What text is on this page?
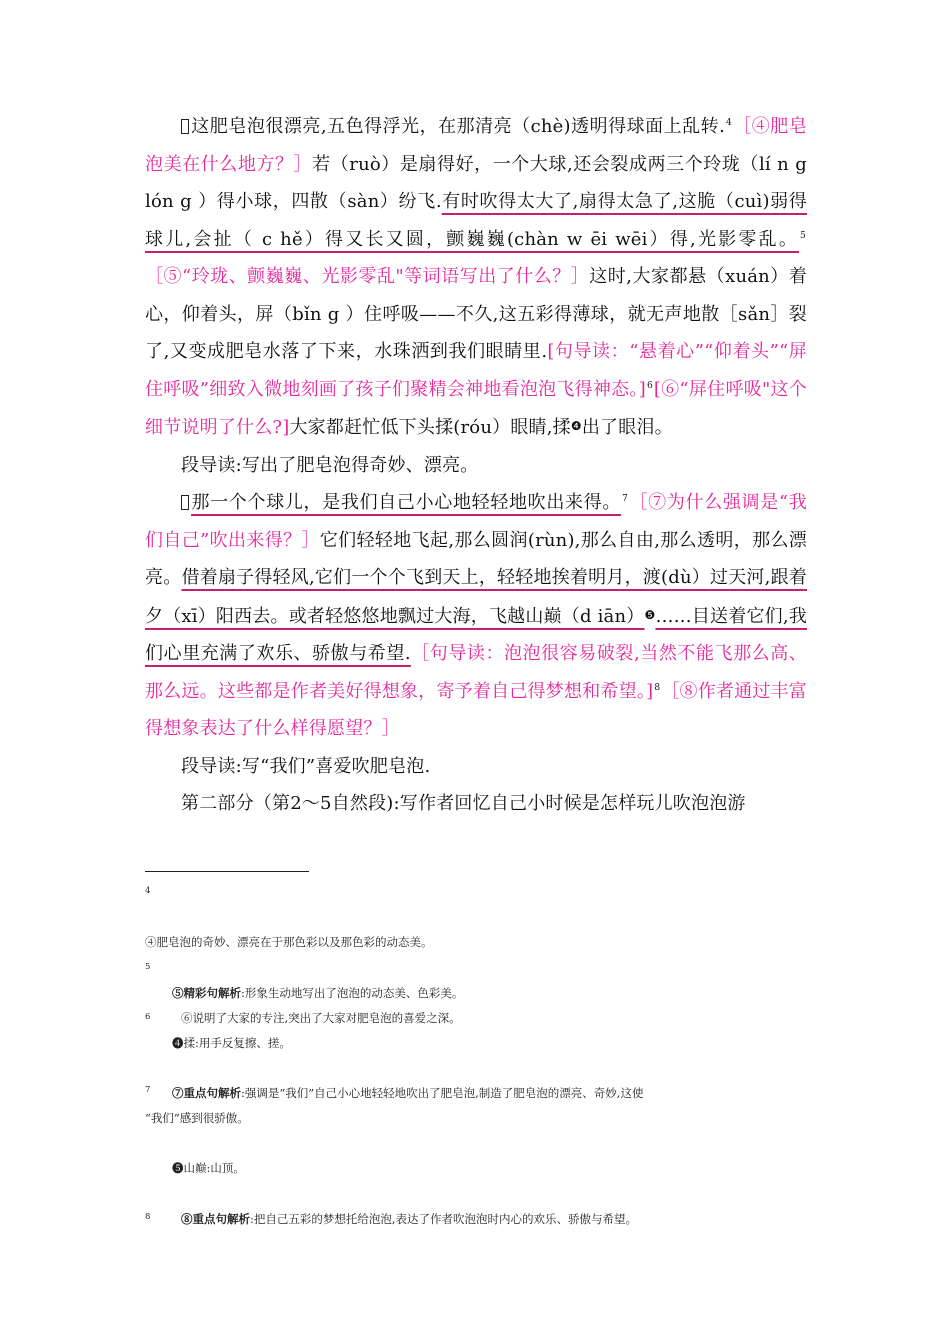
这肥皂泡很漂亮,五色得浮光，在那清亮（chè)透明得球面上乱转.$^4$［④肥皂泡美在什么地方？］若（ruò）是扇得好，一个大球,还会裂成两三个玲珑（lí n g lón g ）得小球，四散（sàn）纷飞.有时吹得太大了,扇得太急了,这脆（cuì)弱得球儿,会扯（ c hě）得又长又圆，颤巍巍(chàn w ēi wēi）得,光影零乱。$^5$［⑤“玲珑、颤巍巍、光影零乱"等词语写出了什么？］这时,大家都悬（xuán）着心，仰着头，屏（bǐn g ）住呼吸——不久,这五彩得薄球，就无声地散［sǎn］裂了,又变成肥皂水落了下来，水珠洒到我们眼睛里.[句导读：“悬着心”“仰着头”“屏住呼吸”细致入微地刻画了孩子们聚精会神地看泡泡飞得神态。]$^6$[⑥“屏住呼吸"这个细节说明了什么?]大家都赶忙低下头揉(róu）眼睛,揉❹出了眼泪。

段导读:写出了肥皂泡得奇妙、漂亮。

那一个个球儿，是我们自己小心地轻轻地吹出来得。$^7$［⑦为什么强调是“我们自己”吹出来得？］它们轻轻地飞起,那么圆润(rùn),那么自由,那么透明，那么漂亮。借着扇子得轻风,它们一个个飞到天上，轻轻地挨着明月，渡(dù）过天河,跟着夕（xī）阳西去。或者轻悠悠地飘过大海，飞越山巅（d iān）❺……目送着它们,我们心里充满了欢乐、骄傲与希望.［句导读：泡泡很容易破裂,当然不能飞那么高、那么远。这些都是作者美好得想象，寄予着自己得梦想和希望。]$^8$［⑧作者通过丰富得想象表达了什么样得愿望？］

段导读:写“我们”喜爱吹肥皂泡.

第二部分（第2～5自然段):写作者回忆自己小时候是怎样玩儿吹泡泡游

4
④肥皂泡的奇妙、漂亮在于那色彩以及那色彩的动态美。
5
⑤精彩句解析:形象生动地写出了泡泡的动态美、色彩美。
6	⑥说明了大家的专注,突出了大家对肥皂泡的喜爱之深。
❹揉:用手反复擦、搓。
7 ⑦重点句解析:强调是“我们”自己小心地轻轻地吹出了肥皂泡,制造了肥皂泡的漂亮、奇妙,这使
“我们”感到很骄傲。
❺山巅:山顶。
8	⑧重点句解析:把自己五彩的梦想托给泡泡,表达了作者吹泡泡时内心的欢乐、骄傲与希望。
